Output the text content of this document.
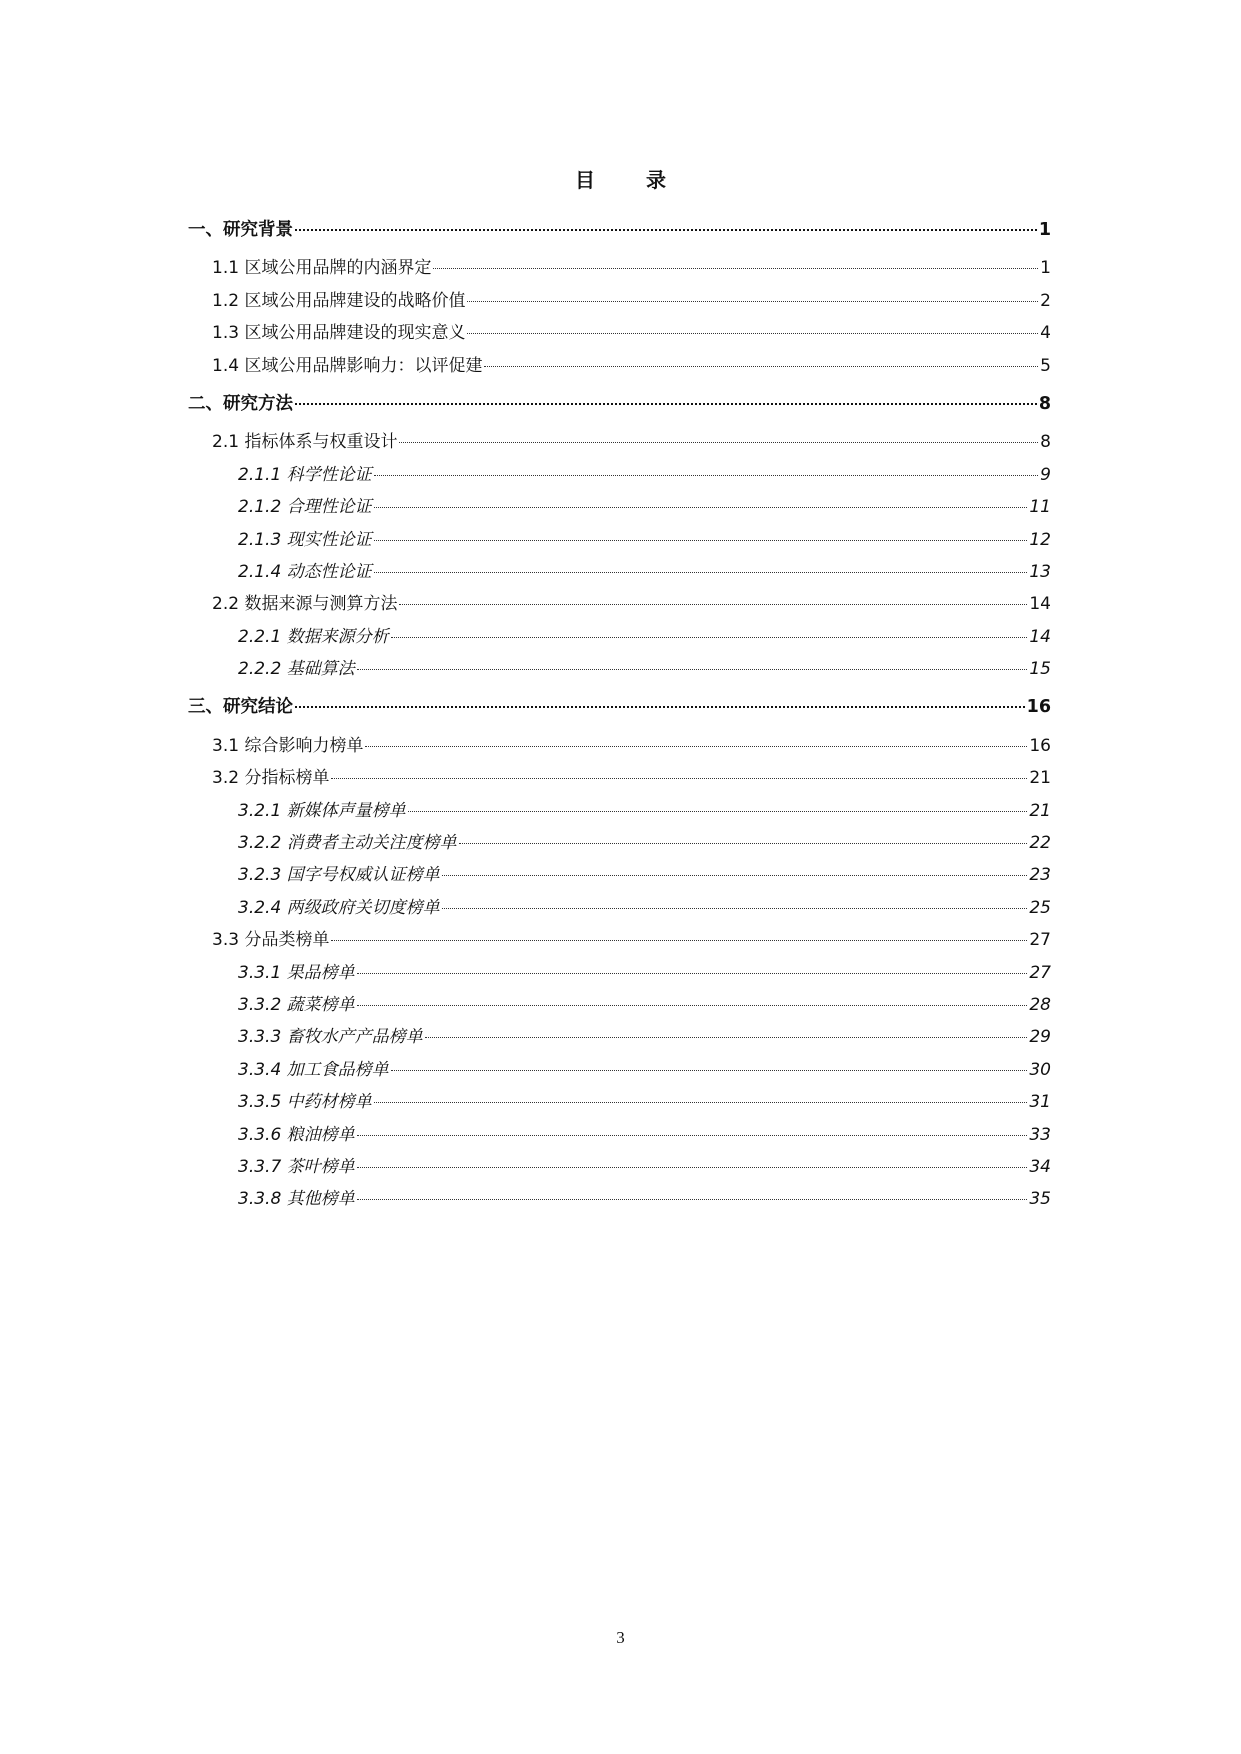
目 录
一、研究背景	1
1.1 区域公用品牌的内涵界定	1
1.2 区域公用品牌建设的战略价值	2
1.3 区域公用品牌建设的现实意义	4
1.4 区域公用品牌影响力：以评促建	5
二、研究方法	8
2.1 指标体系与权重设计	8
2.1.1 科学性论证	9
2.1.2 合理性论证	11
2.1.3 现实性论证	12
2.1.4 动态性论证	13
2.2 数据来源与测算方法	14
2.2.1 数据来源分析	14
2.2.2 基础算法	15
三、研究结论	16
3.1 综合影响力榜单	16
3.2 分指标榜单	21
3.2.1 新媒体声量榜单	21
3.2.2 消费者主动关注度榜单	22
3.2.3 国字号权威认证榜单	23
3.2.4 两级政府关切度榜单	25
3.3 分品类榜单	27
3.3.1 果品榜单	27
3.3.2 蔬菜榜单	28
3.3.3 畜牧水产产品榜单	29
3.3.4 加工食品榜单	30
3.3.5 中药材榜单	31
3.3.6 粮油榜单	33
3.3.7 茶叶榜单	34
3.3.8 其他榜单	35
3
